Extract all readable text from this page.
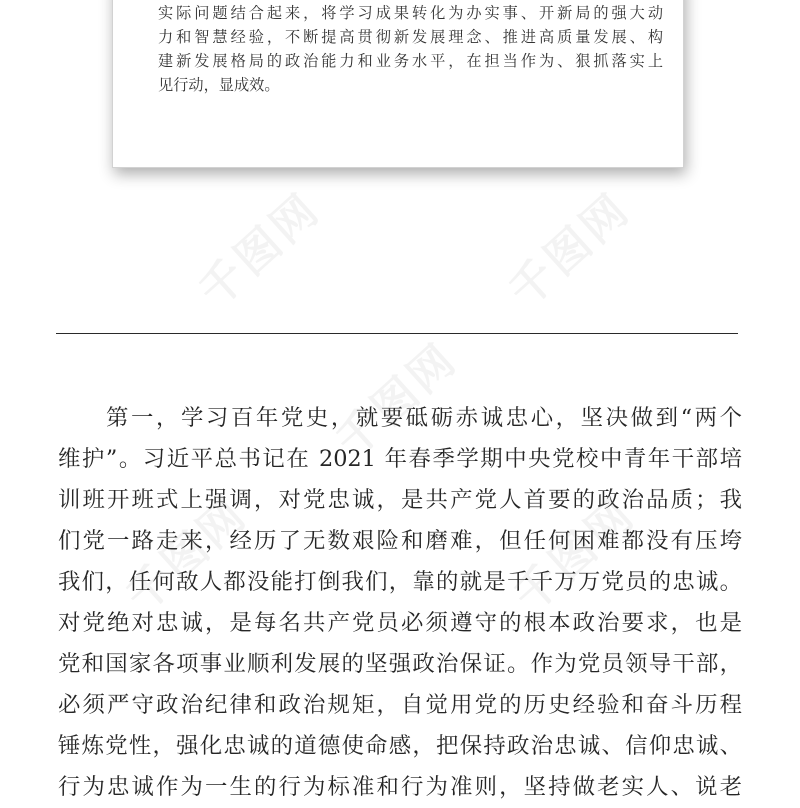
实际问题结合起来，将学习成果转化为办实事、开新局的强大动
力和智慧经验，不断提高贯彻新发展理念、推进高质量发展、构
建新发展格局的政治能力和业务水平，在担当作为、狠抓落实上
见行动，显成效。
第一，学习百年党史，就要砥砺赤诚忠心，坚决做到“两个
维护”。习近平总书记在 2021 年春季学期中央党校中青年干部培
训班开班式上强调，对党忠诚，是共产党人首要的政治品质；我
们党一路走来，经历了无数艰险和磨难，但任何困难都没有压垮
我们，任何敌人都没能打倒我们，靠的就是千千万万党员的忠诚。
对党绝对忠诚，是每名共产党员必须遵守的根本政治要求，也是
党和国家各项事业顺利发展的坚强政治保证。作为党员领导干部，
必须严守政治纪律和政治规矩，自觉用党的历史经验和奋斗历程
锤炼党性，强化忠诚的道德使命感，把保持政治忠诚、信仰忠诚、
行为忠诚作为一生的行为标准和行为准则，坚持做老实人、说老
千图网	千图网
千图网
千图网	千图网
